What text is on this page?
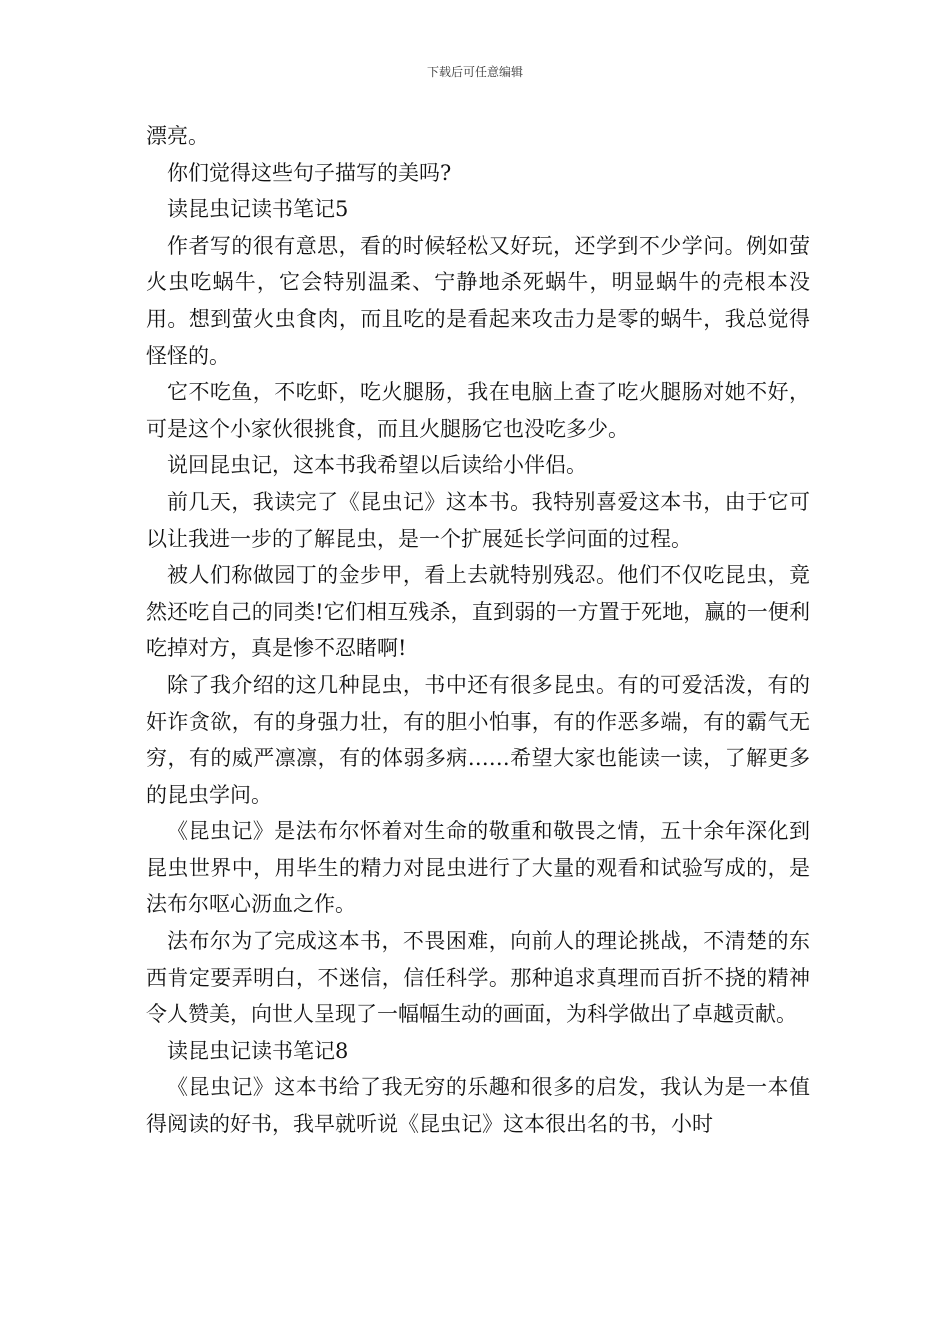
下载后可任意编辑

漂亮。

你们觉得这些句子描写的美吗?

读昆虫记读书笔记5

作者写的很有意思，看的时候轻松又好玩，还学到不少学问。例如萤火虫吃蜗牛，它会特别温柔、宁静地杀死蜗牛，明显蜗牛的壳根本没用。想到萤火虫食肉，而且吃的是看起来攻击力是零的蜗牛，我总觉得怪怪的。

它不吃鱼，不吃虾，吃火腿肠，我在电脑上查了吃火腿肠对她不好，可是这个小家伙很挑食，而且火腿肠它也没吃多少。

说回昆虫记，这本书我希望以后读给小伴侣。

前几天，我读完了《昆虫记》这本书。我特别喜爱这本书，由于它可以让我进一步的了解昆虫，是一个扩展延长学问面的过程。

被人们称做园丁的金步甲，看上去就特别残忍。他们不仅吃昆虫，竟然还吃自己的同类!它们相互残杀，直到弱的一方置于死地，赢的一便利吃掉对方，真是惨不忍睹啊!

除了我介绍的这几种昆虫，书中还有很多昆虫。有的可爱活泼，有的奸诈贪欲，有的身强力壮，有的胆小怕事，有的作恶多端，有的霸气无穷，有的威严凛凛，有的体弱多病……希望大家也能读一读，了解更多的昆虫学问。

《昆虫记》是法布尔怀着对生命的敬重和敬畏之情，五十余年深化到昆虫世界中，用毕生的精力对昆虫进行了大量的观看和试验写成的，是法布尔呕心沥血之作。

法布尔为了完成这本书，不畏困难，向前人的理论挑战，不清楚的东西肯定要弄明白，不迷信，信任科学。那种追求真理而百折不挠的精神令人赞美，向世人呈现了一幅幅生动的画面，为科学做出了卓越贡献。

读昆虫记读书笔记8

《昆虫记》这本书给了我无穷的乐趣和很多的启发，我认为是一本值得阅读的好书，我早就听说《昆虫记》这本很出名的书，小时
